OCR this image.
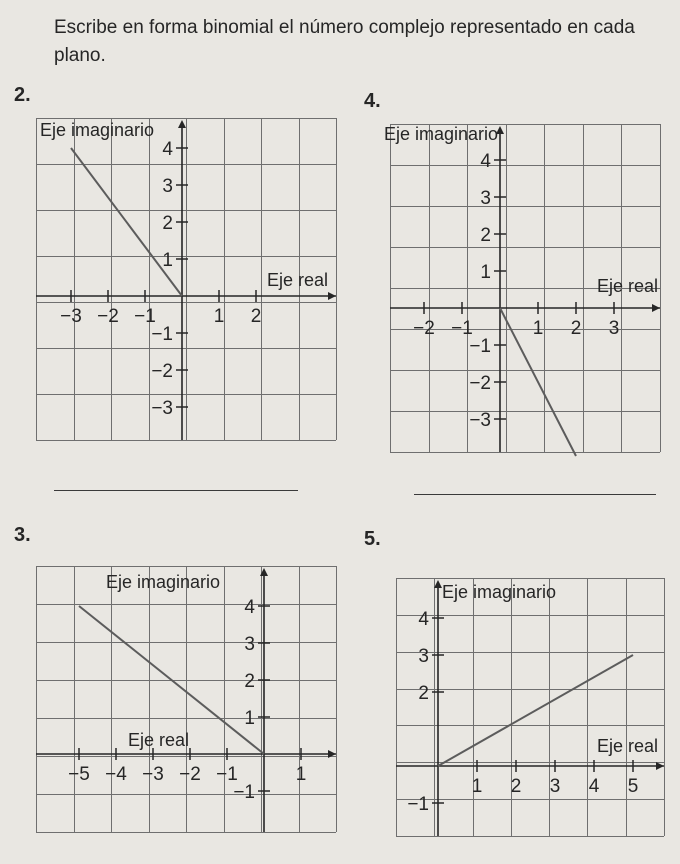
Escribe en forma binomial el número complejo representado en cada plano.

2.	4.

3.	5.

Eje imaginario
Eje real
−3 −2 −1	1 2
4
3
2
1
−1
−2
−3
Eje imaginario
Eje real
−2 −1	1 2 3
4
3
2
1
−1
−2
−3
Eje imaginario
Eje real
−5 −4 −3 −2 −1	1
4
3
2
1
−1
Eje imaginario
Eje real
1 2 3 4 5
4
3
2
−1
